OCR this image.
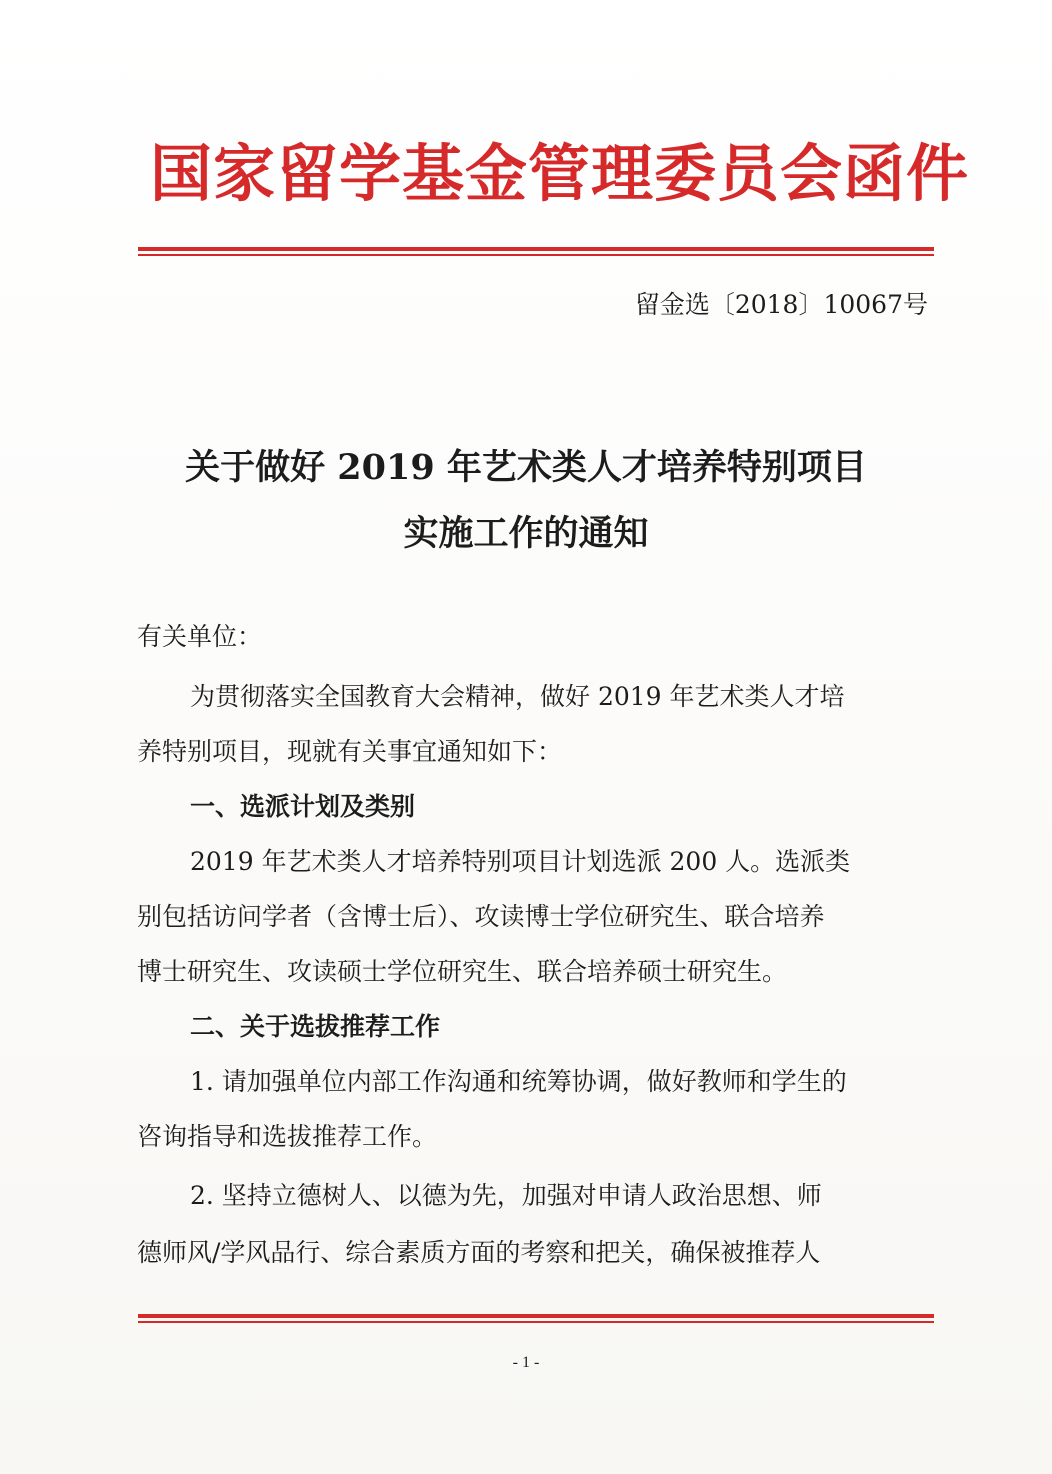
国家留学基金管理委员会函件
留金选〔2018〕10067号
关于做好 2019 年艺术类人才培养特别项目
实施工作的通知
有关单位：
为贯彻落实全国教育大会精神，做好 2019 年艺术类人才培
养特别项目，现就有关事宜通知如下：
一、选派计划及类别
2019 年艺术类人才培养特别项目计划选派 200 人。选派类
别包括访问学者（含博士后）、攻读博士学位研究生、联合培养
博士研究生、攻读硕士学位研究生、联合培养硕士研究生。
二、关于选拔推荐工作
1. 请加强单位内部工作沟通和统筹协调，做好教师和学生的
咨询指导和选拔推荐工作。
2. 坚持立德树人、以德为先，加强对申请人政治思想、师
德师风/学风品行、综合素质方面的考察和把关，确保被推荐人
- 1 -
